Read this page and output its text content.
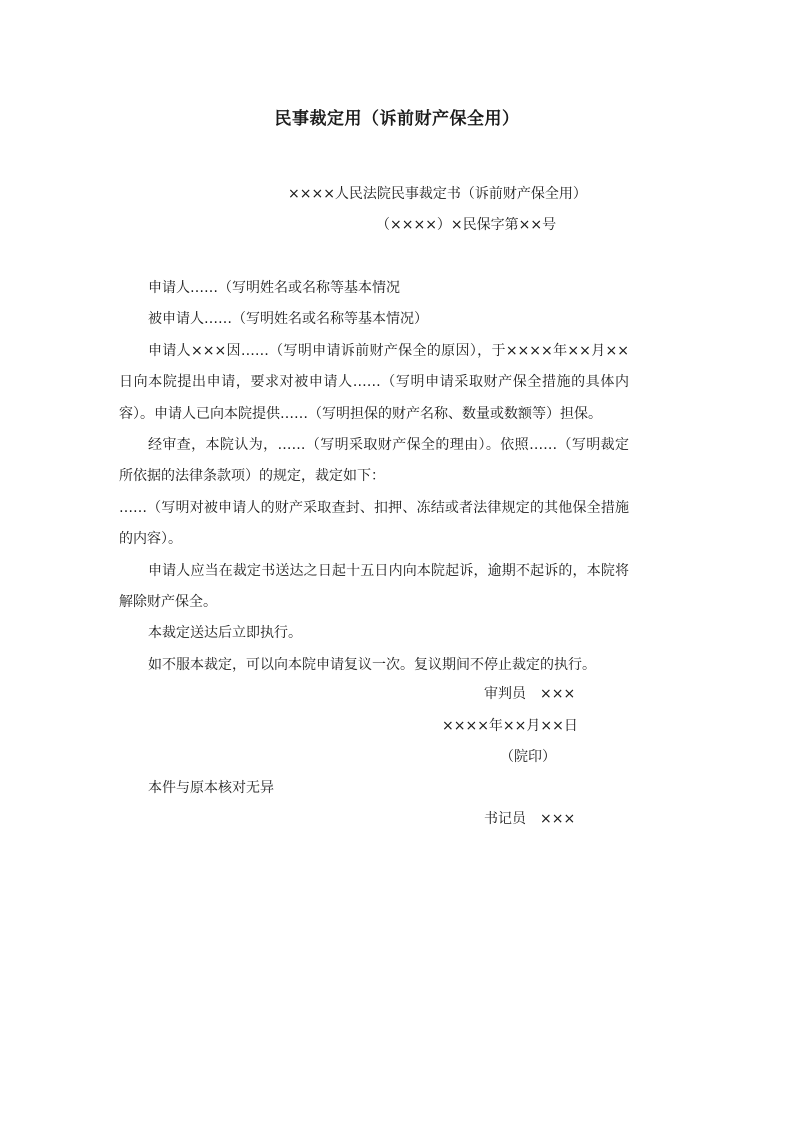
民事裁定用（诉前财产保全用）
××××人民法院民事裁定书（诉前财产保全用）
（××××）×民保字第××号

申请人……（写明姓名或名称等基本情况

被申请人……（写明姓名或名称等基本情况）

申请人×××因……（写明申请诉前财产保全的原因），于××××年××月××日向本院提出申请，要求对被申请人……（写明申请采取财产保全措施的具体内容）。申请人已向本院提供……（写明担保的财产名称、数量或数额等）担保。

经审查，本院认为，……（写明采取财产保全的理由）。依照……（写明裁定所依据的法律条款项）的规定，裁定如下：

……（写明对被申请人的财产采取查封、扣押、冻结或者法律规定的其他保全措施的内容）。

申请人应当在裁定书送达之日起十五日内向本院起诉，逾期不起诉的，本院将解除财产保全。

本裁定送达后立即执行。

如不服本裁定，可以向本院申请复议一次。复议期间不停止裁定的执行。

审判员　×××
××××年××月××日
（院印）
本件与原本核对无异
书记员　×××
